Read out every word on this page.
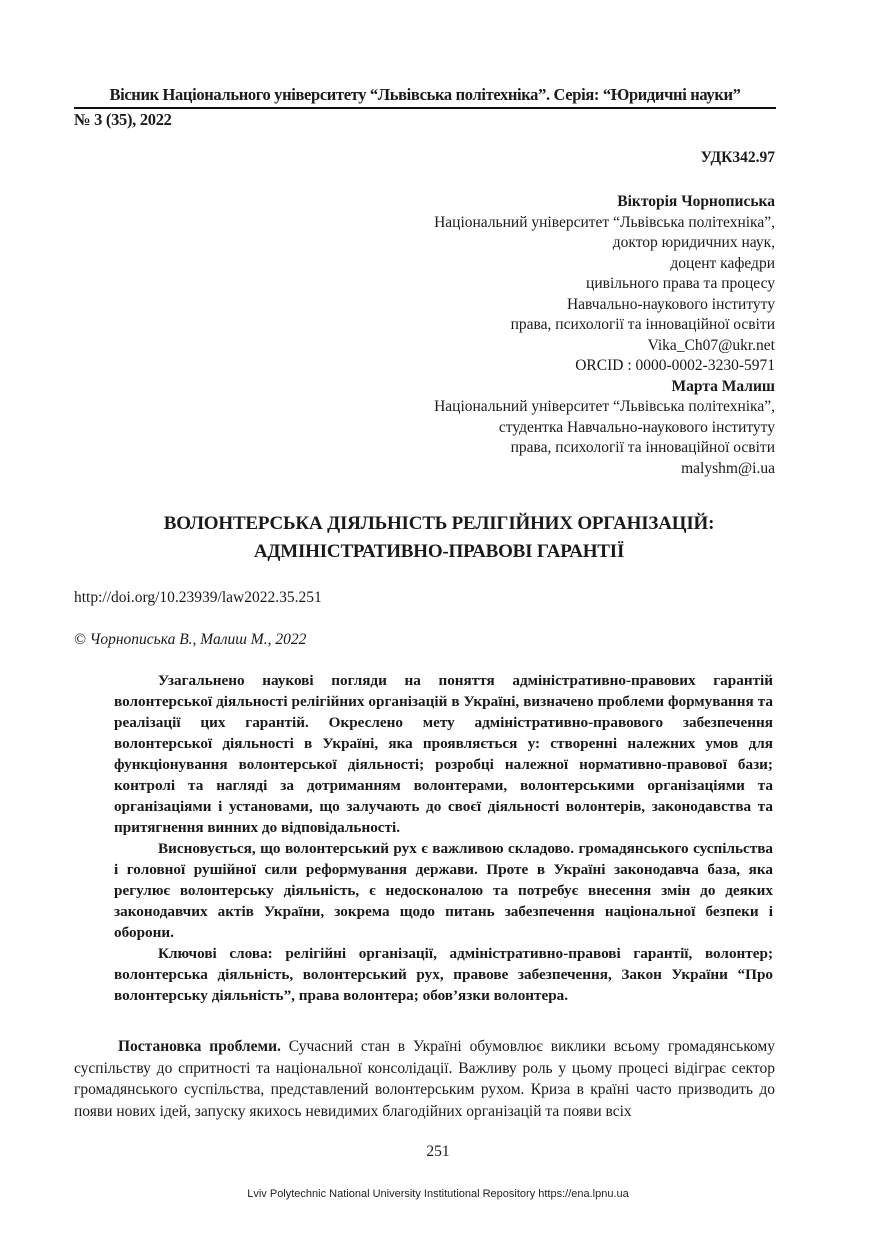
Вісник Національного університету “Львівська політехніка”. Серія: “Юридичні науки”
№ 3 (35), 2022
УДК342.97
Вікторія Чорнописька
Національний університет “Львівська політехніка”,
доктор юридичних наук,
доцент кафедри
цивільного права та процесу
Навчально-наукового інституту
права, психології та інноваційної освіти
Vika_Ch07@ukr.net
ORCID : 0000-0002-3230-5971
Марта Малиш
Національний університет “Львівська політехніка”,
студентка Навчально-наукового інституту
права, психології та інноваційної освіти
malyshm@i.ua
ВОЛОНТЕРСЬКА ДІЯЛЬНІСТЬ РЕЛІГІЙНИХ ОРГАНІЗАЦІЙ:
АДМІНІСТРАТИВНО-ПРАВОВІ ГАРАНТІЇ
http://doi.org/10.23939/law2022.35.251
© Чорнописька В., Малиш М., 2022

Узагальнено наукові погляди на поняття адміністративно-правових гарантій волонтерської діяльності релігійних організацій в Україні, визначено проблеми формування та реалізації цих гарантій. Окреслено мету адміністративно-правового забезпечення волонтерської діяльності в Україні, яка проявляється у: створенні належних умов для функціонування волонтерської діяльності; розробці належної нормативно-правової бази; контролі та нагляді за дотриманням волонтерами, волонтерськими організаціями та організаціями і установами, що залучають до своєї діяльності волонтерів, законодавства та притягнення винних до відповідальності.

Висновується, що волонтерський рух є важливою складово. громадянського суспільства і головної рушійної сили реформування держави. Проте в Україні законодавча база, яка регулює волонтерську діяльність, є недосконалою та потребує внесення змін до деяких законодавчих актів України, зокрема щодо питань забезпечення національної безпеки і оборони.

Ключові слова: релігійні організації, адміністративно-правові гарантії, волонтер; волонтерська діяльність, волонтерський рух, правове забезпечення, Закон України “Про волонтерську діяльність”, права волонтера; обов’язки волонтера.

Постановка проблеми. Сучасний стан в Україні обумовлює виклики всьому громадянському суспільству до спритності та національної консолідації. Важливу роль у цьому процесі відіграє сектор громадянського суспільства, представлений волонтерським рухом. Криза в країні часто призводить до появи нових ідей, запуску якихось невидимих благодійних організацій та появи всіх

251
Lviv Polytechnic National University Institutional Repository https://ena.lpnu.ua
